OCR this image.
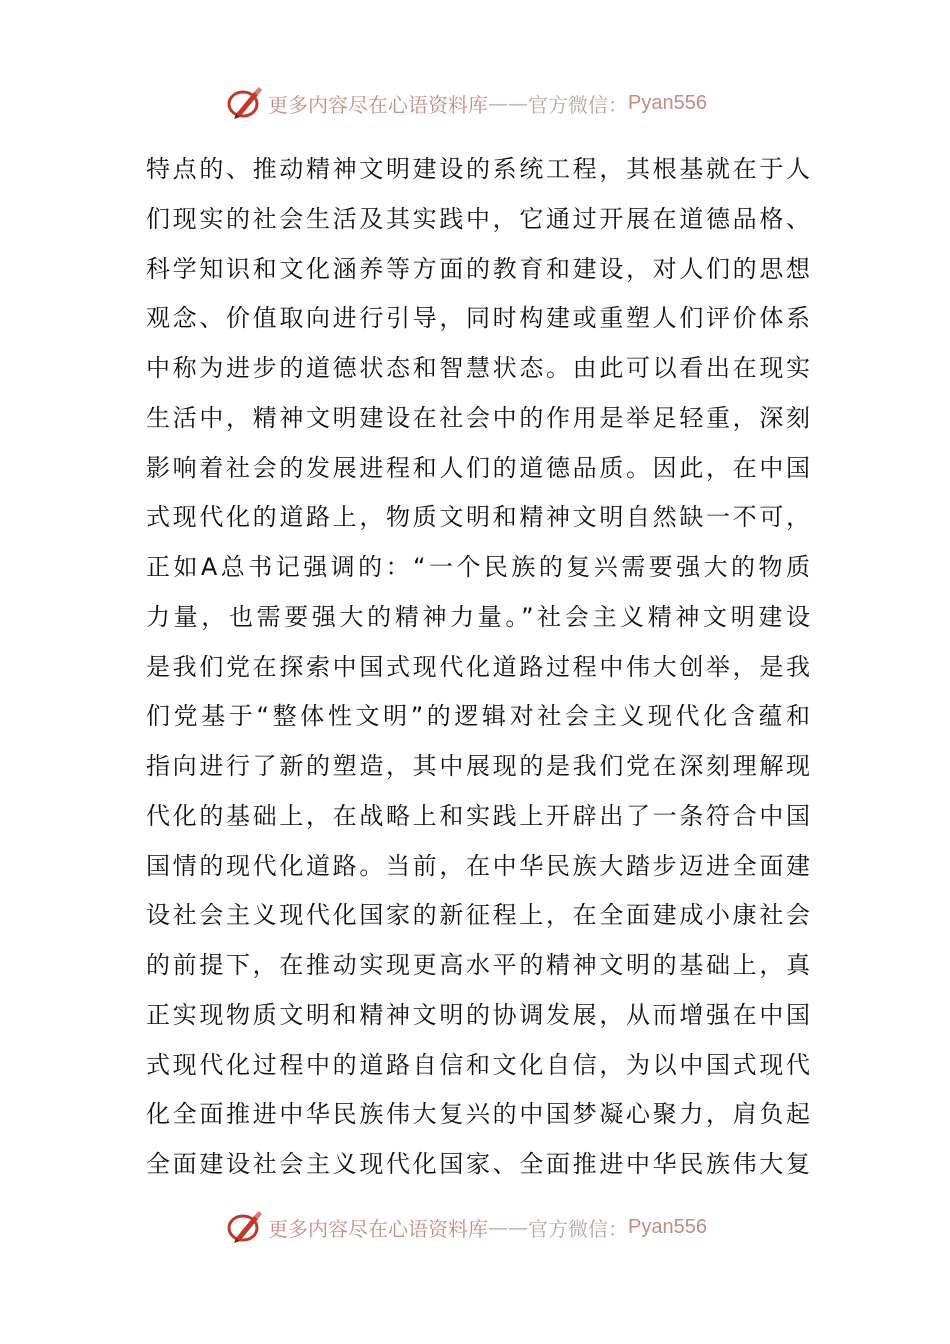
更多内容尽在心语资料库 —— 官方微信： Pyan556
特点的、推动精神文明建设的系统工程，其根基就在于人
们现实的社会生活及其实践中，它通过开展在道德品格、
科学知识和文化涵养等方面的教育和建设，对人们的思想
观念、价值取向进行引导，同时构建或重塑人们评价体系
中称为进步的道德状态和智慧状态。由此可以看出在现实
生活中，精神文明建设在社会中的作用是举足轻重，深刻
影响着社会的发展进程和人们的道德品质。因此，在中国
式现代化的道路上，物质文明和精神文明自然缺一不可，
正如A总书记强调的：“一个民族的复兴需要强大的物质
力量，也需要强大的精神力量。”社会主义精神文明建设
是我们党在探索中国式现代化道路过程中伟大创举，是我
们党基于“整体性文明”的逻辑对社会主义现代化含蕴和
指向进行了新的塑造，其中展现的是我们党在深刻理解现
代化的基础上，在战略上和实践上开辟出了一条符合中国
国情的现代化道路。当前，在中华民族大踏步迈进全面建
设社会主义现代化国家的新征程上，在全面建成小康社会
的前提下，在推动实现更高水平的精神文明的基础上，真
正实现物质文明和精神文明的协调发展，从而增强在中国
式现代化过程中的道路自信和文化自信，为以中国式现代
化全面推进中华民族伟大复兴的中国梦凝心聚力，肩负起
全面建设社会主义现代化国家、全面推进中华民族伟大复
更多内容尽在心语资料库 —— 官方微信： Pyan556
